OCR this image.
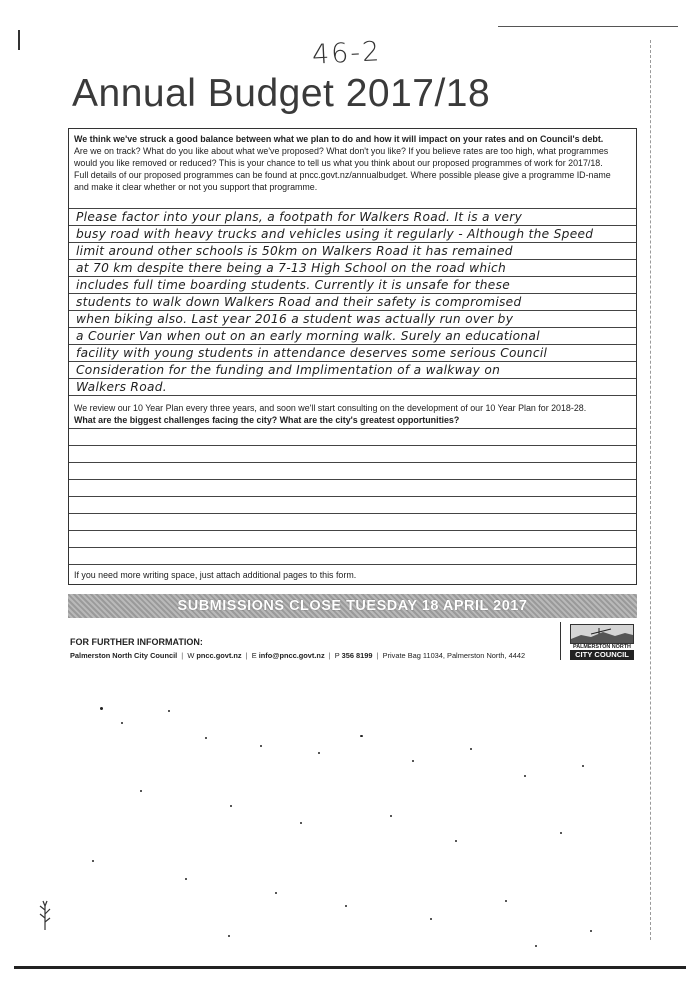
46-2
Annual Budget 2017/18
We think we've struck a good balance between what we plan to do and how it will impact on your rates and on Council's debt.
Are we on track? What do you like about what we've proposed? What don't you like? If you believe rates are too high, what programmes
would you like removed or reduced? This is your chance to tell us what you think about our proposed programmes of work for 2017/18.
Full details of our proposed programmes can be found at pncc.govt.nz/annualbudget. Where possible please give a programme ID-name
and make it clear whether or not you support that programme.
Please factor into your plans, a footpath for Walkers Road. It is a very
busy road with heavy trucks and vehicles using it regularly - Although the Speed
limit around other schools is 50km on Walkers Road it has remained
at 70 km despite there being a 7-13 High School on the road which
includes full time boarding students. Currently it is unsafe for these
students to walk down Walkers Road and their safety is compromised
when biking also. Last year 2016 a student was actually run over by
a Courier Van when out on an early morning walk. Surely an educational
facility with young students in attendance deserves some serious Council
Consideration for the funding and Implimentation of a walkway on
Walkers Road.
We review our 10 Year Plan every three years, and soon we'll start consulting on the development of our 10 Year Plan for 2018-28.
What are the biggest challenges facing the city? What are the city's greatest opportunities?
If you need more writing space, just attach additional pages to this form.
SUBMISSIONS CLOSE TUESDAY 18 APRIL 2017
FOR FURTHER INFORMATION:
Palmerston North City Council  |  W pncc.govt.nz  |  E info@pncc.govt.nz  |  P 356 8199  |  Private Bag 11034, Palmerston North, 4442
PALMERSTON NORTH
CITY COUNCIL
